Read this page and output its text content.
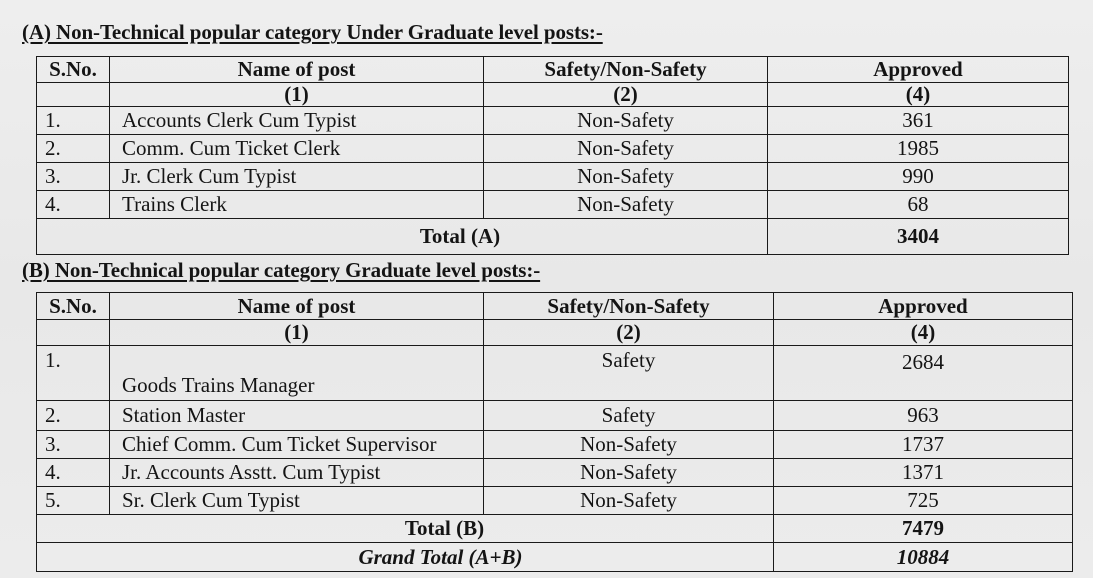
(A) Non-Technical popular category Under Graduate level posts:-
S.No.	Name of post	Safety/Non-Safety	Approved
	(1)	(2)	(4)
1.	Accounts Clerk Cum Typist	Non-Safety	361
2.	Comm. Cum Ticket Clerk	Non-Safety	1985
3.	Jr. Clerk Cum Typist	Non-Safety	990
4.	Trains Clerk	Non-Safety	68
Total (A)			3404
(B) Non-Technical popular category Graduate level posts:-
S.No.	Name of post	Safety/Non-Safety	Approved
	(1)	(2)	(4)
1.	Goods Trains Manager	Safety	2684
2.	Station Master	Safety	963
3.	Chief Comm. Cum Ticket Supervisor	Non-Safety	1737
4.	Jr. Accounts Asstt. Cum Typist	Non-Safety	1371
5.	Sr. Clerk Cum Typist	Non-Safety	725
Total (B)			7479
Grand Total (A+B)			10884
